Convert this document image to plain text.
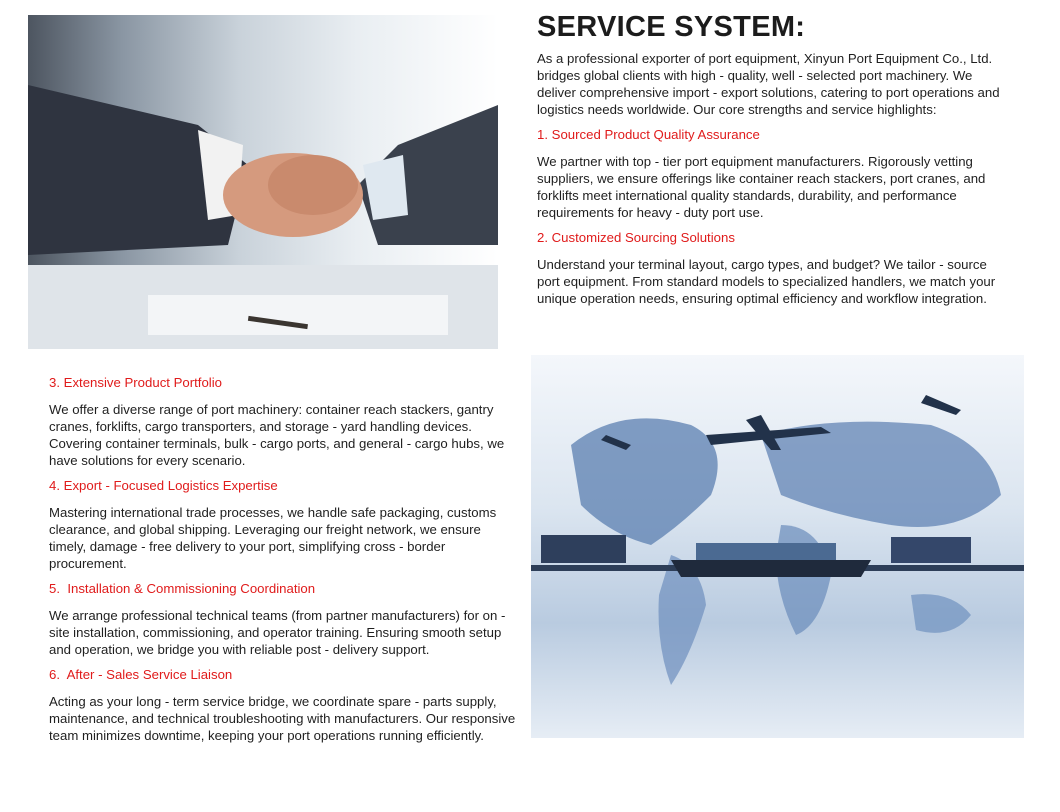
SERVICE SYSTEM:

As a professional exporter of port equipment, Xinyun Port Equipment Co., Ltd. bridges global clients with high - quality, well - selected port machinery. We deliver comprehensive import - export solutions, catering to port operations and logistics needs worldwide. Our core strengths and service highlights:

1. Sourced Product Quality Assurance

We partner with top - tier port equipment manufacturers. Rigorously vetting suppliers, we ensure offerings like container reach stackers, port cranes, and forklifts meet international quality standards, durability, and performance requirements for heavy - duty port use.

2. Customized Sourcing Solutions

Understand your terminal layout, cargo types, and budget? We tailor - source port equipment. From standard models to specialized handlers, we match your unique operation needs, ensuring optimal efficiency and workflow integration.

3. Extensive Product Portfolio

We offer a diverse range of port machinery: container reach stackers, gantry cranes, forklifts, cargo transporters, and storage - yard handling devices. Covering container terminals, bulk - cargo ports, and general - cargo hubs, we have solutions for every scenario.

4. Export - Focused Logistics Expertise

Mastering international trade processes, we handle safe packaging, customs clearance, and global shipping. Leveraging our freight network, we ensure timely, damage - free delivery to your port, simplifying cross - border procurement.

5.  Installation & Commissioning Coordination

We arrange professional technical teams (from partner manufacturers) for on - site installation, commissioning, and operator training. Ensuring smooth setup and operation, we bridge you with reliable post - delivery support.

6.  After - Sales Service Liaison

Acting as your long - term service bridge, we coordinate spare - parts supply, maintenance, and technical troubleshooting with manufacturers. Our responsive team minimizes downtime, keeping your port operations running efficiently.
